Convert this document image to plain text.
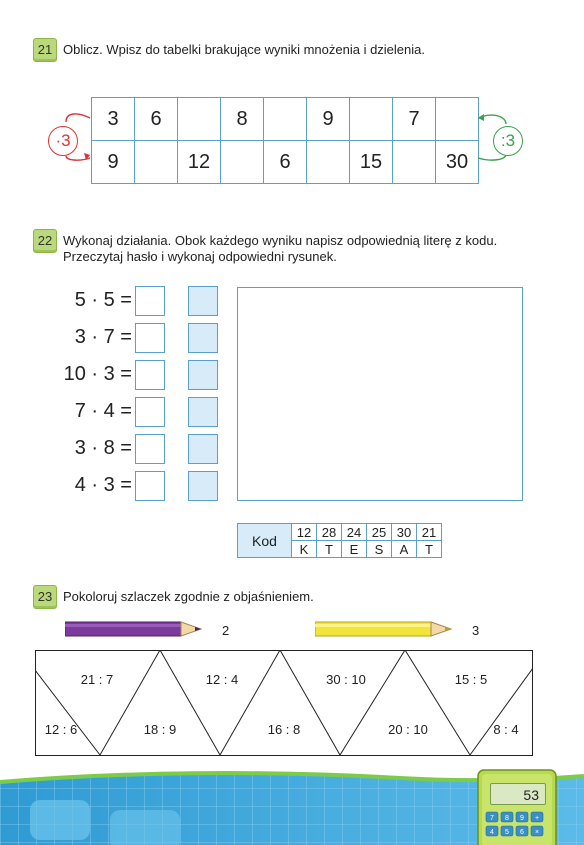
21 Oblicz. Wpisz do tabelki brakujące wyniki mnożenia i dzielenia.
3	6		8		9		7	
9		12		6		15		30
·3	:3
22 Wykonaj działania. Obok każdego wyniku napisz odpowiednią literę z kodu.
Przeczytaj hasło i wykonaj odpowiedni rysunek.
5 · 5 =
3 · 7 =
10 · 3 =
7 · 4 =
3 · 8 =
4 · 3 =
Kod	12	28	24	25	30	21
	K	T	E	S	A	T
23 Pokoloruj szlaczek zgodnie z objaśnieniem.
2	3
21 : 7	12 : 4	30 : 10	15 : 5
12 : 6	18 : 9	16 : 8	20 : 10	8 : 4
7 8 9 +
4 5 6 ×
53
